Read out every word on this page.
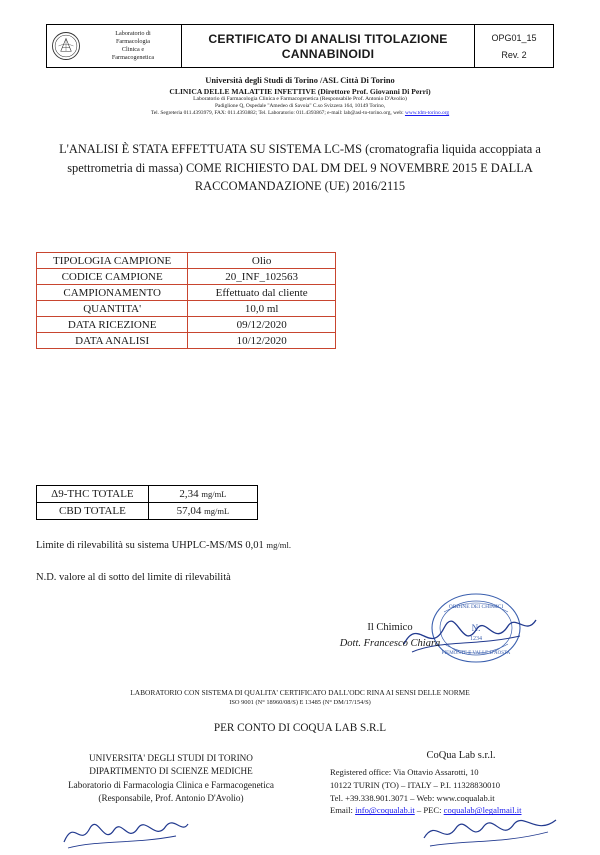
Laboratorio di
Farmacologia
Clinica e
Farmacogenetica
CERTIFICATO DI ANALISI TITOLAZIONE
CANNABINOIDI
OPG01_15
Rev. 2
Università degli Studi di Torino /ASL Città Di Torino
CLINICA DELLE MALATTIE INFETTIVE (Direttore Prof. Giovanni Di Perri)
Laboratorio di Farmacologia Clinica e Farmacogenetica (Responsabile Prof. Antonio D'Avolio)
Padiglione Q, Ospedale "Amedeo di Savoia" C.so Svizzera 164, 10149 Torino,
Tel. Segreteria 011.4393979, FAX: 011.4393882; Tel. Laboratorio: 011.4393867; e-mail: lab@asl-to-torino.org, web: www.tdm-torino.org
L'ANALISI È STATA EFFETTUATA SU SISTEMA LC-MS (cromatografia liquida accoppiata a spettrometria di massa) COME RICHIESTO DAL DM DEL 9 NOVEMBRE 2015 E DALLA RACCOMANDAZIONE (UE) 2016/2115
TIPOLOGIA CAMPIONE	Olio
CODICE CAMPIONE	20_INF_102563
CAMPIONAMENTO	Effettuato dal cliente
QUANTITA'	10,0 ml
DATA RICEZIONE	09/12/2020
DATA ANALISI	10/12/2020
Δ9-THC TOTALE	2,34 mg/mL
CBD TOTALE	57,04 mg/mL
Limite di rilevabilità su sistema UHPLC-MS/MS 0,01 mg/ml.
N.D. valore al di sotto del limite di rilevabilità
ORDINE DEI CHIMICI
PIEMONTE E VALLE D'AOSTA
N.
1234
Il Chimico
Dott. Francesco Chiara
LABORATORIO CON SISTEMA DI QUALITA' CERTIFICATO DALL'ODC RINA AI SENSI DELLE NORME
ISO 9001 (N° 18960/08/S) E 13485 (N° DM/17/154/S)
PER CONTO DI COQUA LAB S.R.L
UNIVERSITA' DEGLI STUDI DI TORINO
DIPARTIMENTO DI SCIENZE MEDICHE
Laboratorio di Farmacologia Clinica e Farmacogenetica
(Responsabile, Prof. Antonio D'Avolio)
CoQua Lab s.r.l.
Registered office: Via Ottavio Assarotti, 10
10122 TURIN (TO) – ITALY – P.I. 11328830010
Tel. +39.338.901.3071 – Web: www.coqualab.it
Email: info@coqualab.it – PEC: coqualab@legalmail.it
